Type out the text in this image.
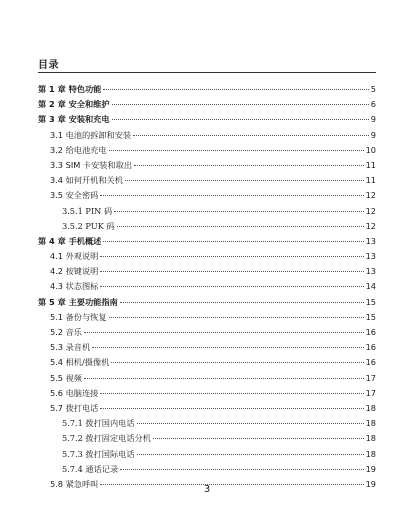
目录
第 1 章 特色功能	5
第 2 章 安全和维护	6
第 3 章 安装和充电	9
3.1 电池的拆卸和安装	9
3.2 给电池充电	10
3.3 SIM 卡安装和取出	11
3.4 如何开机和关机	11
3.5 安全密码	12
3.5.1 PIN 码	12
3.5.2 PUK 码	12
第 4 章 手机概述	13
4.1 外观说明	13
4.2 按键说明	13
4.3 状态图标	14
第 5 章 主要功能指南	15
5.1 备份与恢复	15
5.2 音乐	16
5.3 录音机	16
5.4 相机/摄像机	16
5.5 视频	17
5.6 电脑连接	17
5.7 拨打电话	18
5.7.1 拨打国内电话	18
5.7.2 拨打固定电话分机	18
5.7.3 拨打国际电话	18
5.7.4 通话记录	19
5.8 紧急呼叫	19
3
